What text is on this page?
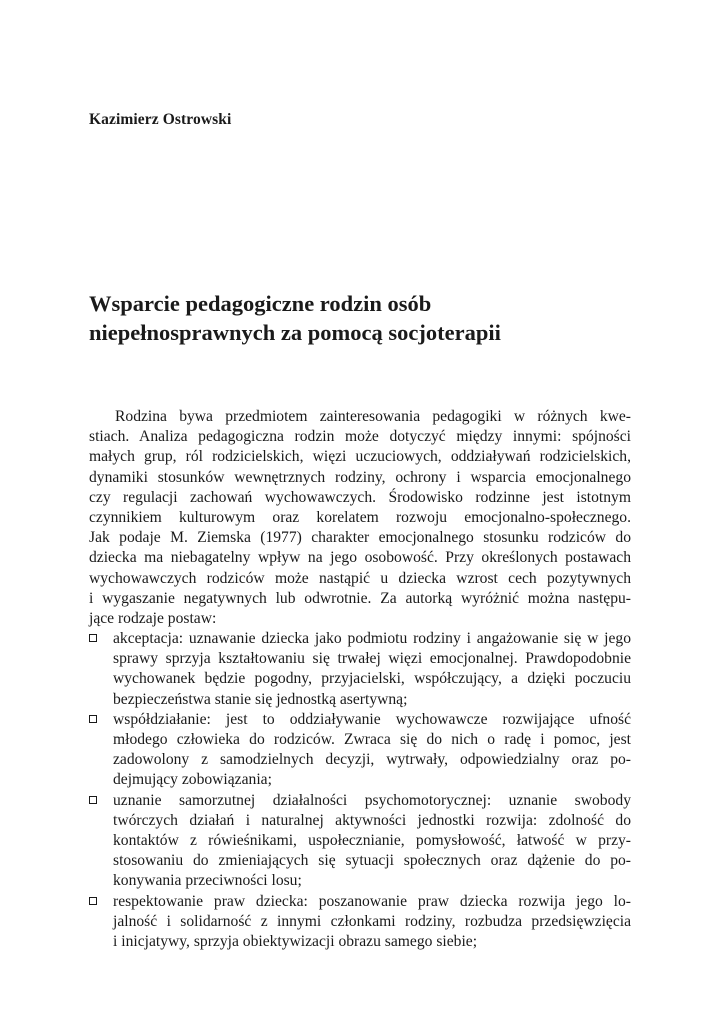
Kazimierz Ostrowski
Wsparcie pedagogiczne rodzin osób
niepełnosprawnych za pomocą socjoterapii
Rodzina bywa przedmiotem zainteresowania pedagogiki w różnych kwe-
stiach. Analiza pedagogiczna rodzin może dotyczyć między innymi: spójności
małych grup, ról rodzicielskich, więzi uczuciowych, oddziaływań rodzicielskich,
dynamiki stosunków wewnętrznych rodziny, ochrony i wsparcia emocjonalnego
czy regulacji zachowań wychowawczych. Środowisko rodzinne jest istotnym
czynnikiem kulturowym oraz korelatem rozwoju emocjonalno-społecznego.
Jak podaje M. Ziemska (1977) charakter emocjonalnego stosunku rodziców do
dziecka ma niebagatelny wpływ na jego osobowość. Przy określonych postawach
wychowawczych rodziców może nastąpić u dziecka wzrost cech pozytywnych
i wygaszanie negatywnych lub odwrotnie. Za autorką wyróżnić można następu-
jące rodzaje postaw:
akceptacja: uznawanie dziecka jako podmiotu rodziny i angażowanie się w jego
sprawy sprzyja kształtowaniu się trwałej więzi emocjonalnej. Prawdopodobnie
wychowanek będzie pogodny, przyjacielski, współczujący, a dzięki poczuciu
bezpieczeństwa stanie się jednostką asertywną;
współdziałanie: jest to oddziaływanie wychowawcze rozwijające ufność
młodego człowieka do rodziców. Zwraca się do nich o radę i pomoc, jest
zadowolony z samodzielnych decyzji, wytrwały, odpowiedzialny oraz po-
dejmujący zobowiązania;
uznanie samorzutnej działalności psychomotorycznej: uznanie swobody
twórczych działań i naturalnej aktywności jednostki rozwija: zdolność do
kontaktów z rówieśnikami, uspołecznianie, pomysłowość, łatwość w przy-
stosowaniu do zmieniających się sytuacji społecznych oraz dążenie do po-
konywania przeciwności losu;
respektowanie praw dziecka: poszanowanie praw dziecka rozwija jego lo-
jalność i solidarność z innymi członkami rodziny, rozbudza przedsięwzięcia
i inicjatywy, sprzyja obiektywizacji obrazu samego siebie;
